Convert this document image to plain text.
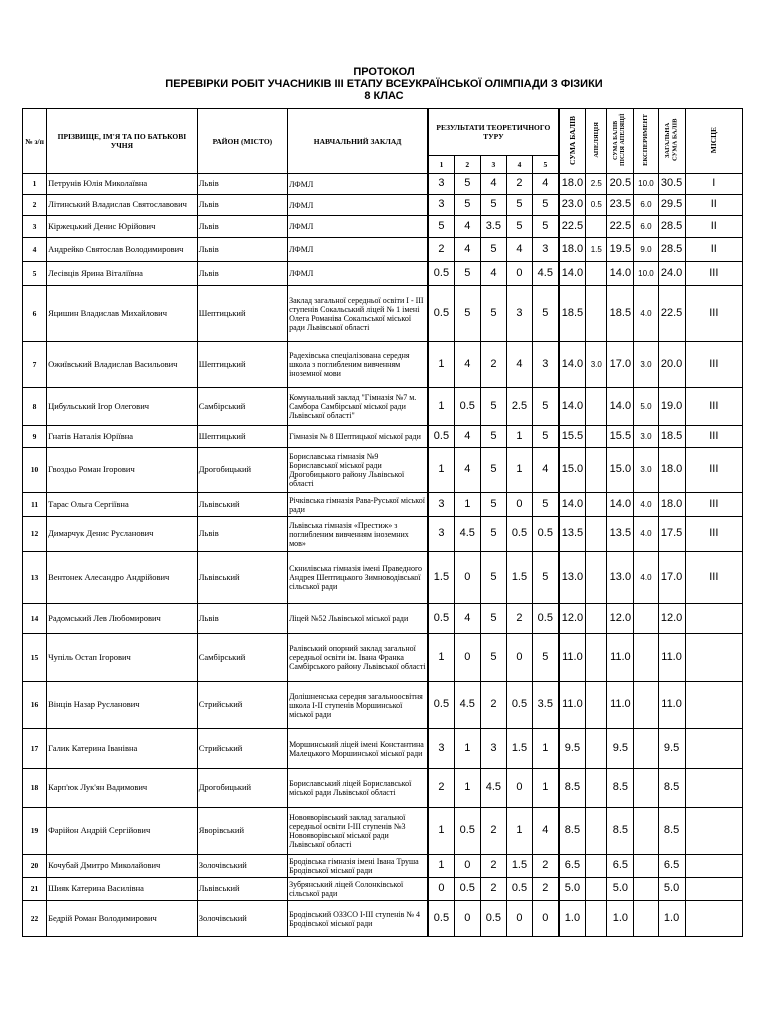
ПРОТОКОЛ
ПЕРЕВІРКИ РОБІТ УЧАСНИКІВ ІІІ ЕТАПУ ВСЕУКРАЇНСЬКОЇ ОЛІМПІАДИ З ФІЗИКИ
8 КЛАС
№ з/п	ПРІЗВИЩЕ, ІМ'Я ТА ПО БАТЬКОВІ УЧНЯ	РАЙОН (МІСТО)	НАВЧАЛЬНИЙ ЗАКЛАД	РЕЗУЛЬТАТИ ТЕОРЕТИЧНОГО ТУРУ					СУМА БАЛІВ	АПЕЛЯЦІЯ	СУМА БАЛІВ ПІСЛЯ АПЕЛЯЦІЇ	ЕКСПЕРИМЕНТ	ЗАГАЛЬНА СУМА БАЛІВ	МІСЦЕ
				1	2	3	4	5						
1	Петрунів Юлія Миколаївна	Львів	ЛФМЛ	3	5	4	2	4	18.0	2.5	20.5	10.0	30.5	І
2	Літинський Владислав Святославович	Львів	ЛФМЛ	3	5	5	5	5	23.0	0.5	23.5	6.0	29.5	ІІ
3	Кіржецький Денис Юрійович	Львів	ЛФМЛ	5	4	3.5	5	5	22.5		22.5	6.0	28.5	ІІ
4	Андрейко Святослав Володимирович	Львів	ЛФМЛ	2	4	5	4	3	18.0	1.5	19.5	9.0	28.5	ІІ
5	Лесівців Ярина Віталіївна	Львів	ЛФМЛ	0.5	5	4	0	4.5	14.0		14.0	10.0	24.0	ІІІ
6	Яцишин Владислав Михайлович	Шептицький	Заклад загальної середньої освіти І - ІІІ ступенів Сокальський ліцей № 1 імені Олега Романіва Сокальської міської ради Львівської області	0.5	5	5	3	5	18.5		18.5	4.0	22.5	ІІІ
7	Ожиївський Владислав Васильович	Шептицький	Радехівська спеціалізована середня школа з поглибленим вивченням іноземної мови	1	4	2	4	3	14.0	3.0	17.0	3.0	20.0	ІІІ
8	Цибульський Ігор Олегович	Самбірський	Комунальний заклад "Гімназія №7 м. Самбора Самбірської міської ради Львівської області"	1	0.5	5	2.5	5	14.0		14.0	5.0	19.0	ІІІ
9	Гнатів Наталія Юріївна	Шептицький	Гімназія № 8 Шептицької міської ради	0.5	4	5	1	5	15.5		15.5	3.0	18.5	ІІІ
10	Гвоздьо Роман Ігорович	Дрогобицький	Бориславська гімназія №9 Бориславської міської ради Дрогобицького району Львівської області	1	4	5	1	4	15.0		15.0	3.0	18.0	ІІІ
11	Тарас Ольга Сергіївна	Львівський	Річківська гімназія Рава-Руської міської ради	3	1	5	0	5	14.0		14.0	4.0	18.0	ІІІ
12	Димарчук Денис Русланович	Львів	Львівська гімназія «Престиж» з поглибленим вивченням іноземних мов»	3	4.5	5	0.5	0.5	13.5		13.5	4.0	17.5	ІІІ
13	Вентонек Алесандро Андрійович	Львівський	Скнилівська гімназія імені Праведного Андрея Шептицького Зимноводівської сільської ради	1.5	0	5	1.5	5	13.0		13.0	4.0	17.0	ІІІ
14	Радомський Лев Любомирович	Львів	Ліцей №52 Львівської міської ради	0.5	4	5	2	0.5	12.0		12.0		12.0	
15	Чупіль Остап Ігорович	Самбірський	Ралівський опорний заклад загальної середньої освіти ім. Івана Франка Самбірського району Львівської області	1	0	5	0	5	11.0		11.0		11.0	
16	Вінців Назар Русланович	Стрийський	Долішненська середня загальноосвітня школа І-ІІ ступенів Моршинської міської ради	0.5	4.5	2	0.5	3.5	11.0		11.0		11.0	
17	Галик Катерина Іванівна	Стрийський	Моршинський ліцей імені Константина Малецького Моршинської міської ради	3	1	3	1.5	1	9.5		9.5		9.5	
18	Карп'юк Лук'ян Вадимович	Дрогобицький	Бориславський ліцей Бориславської міської ради Львівської області	2	1	4.5	0	1	8.5		8.5		8.5	
19	Фарійон Андрій Сергійович	Яворівський	Новояворівський заклад загальної середньої освіти І-ІІІ ступенів №3 Новояворівської міської ради Львівської області	1	0.5	2	1	4	8.5		8.5		8.5	
20	Кочубай Дмитро Миколайович	Золочівський	Бродівська гімназія імені Івана Труша Бродівської міської ради	1	0	2	1.5	2	6.5		6.5		6.5	
21	Шияк Катерина Василівна	Львівський	Зубрянський ліцей Солонківської сільської ради	0	0.5	2	0.5	2	5.0		5.0		5.0	
22	Бедрій Роман Володимирович	Золочівський	Бродівський ОЗЗСО І-ІІІ ступенів № 4 Бродівської міської ради	0.5	0	0.5	0	0	1.0		1.0		1.0	
